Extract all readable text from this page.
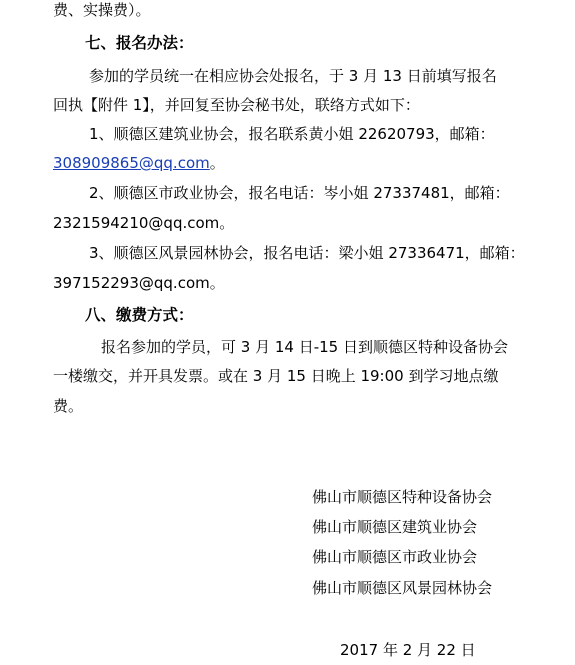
费、实操费）。
七、报名办法：
参加的学员统一在相应协会处报名，于 3 月 13 日前填写报名
回执【附件 1】，并回复至协会秘书处，联络方式如下：
1、顺德区建筑业协会，报名联系黄小姐 22620793，邮箱：
308909865@qq.com。
2、顺德区市政业协会，报名电话：岑小姐 27337481，邮箱：
2321594210@qq.com。
3、顺德区风景园林协会，报名电话：梁小姐 27336471，邮箱：
397152293@qq.com。
八、缴费方式：
报名参加的学员，可 3 月 14 日-15 日到顺德区特种设备协会
一楼缴交，并开具发票。或在 3 月 15 日晚上 19:00 到学习地点缴
费。
佛山市顺德区特种设备协会
佛山市顺德区建筑业协会
佛山市顺德区市政业协会
佛山市顺德区风景园林协会
2017 年 2 月 22 日
